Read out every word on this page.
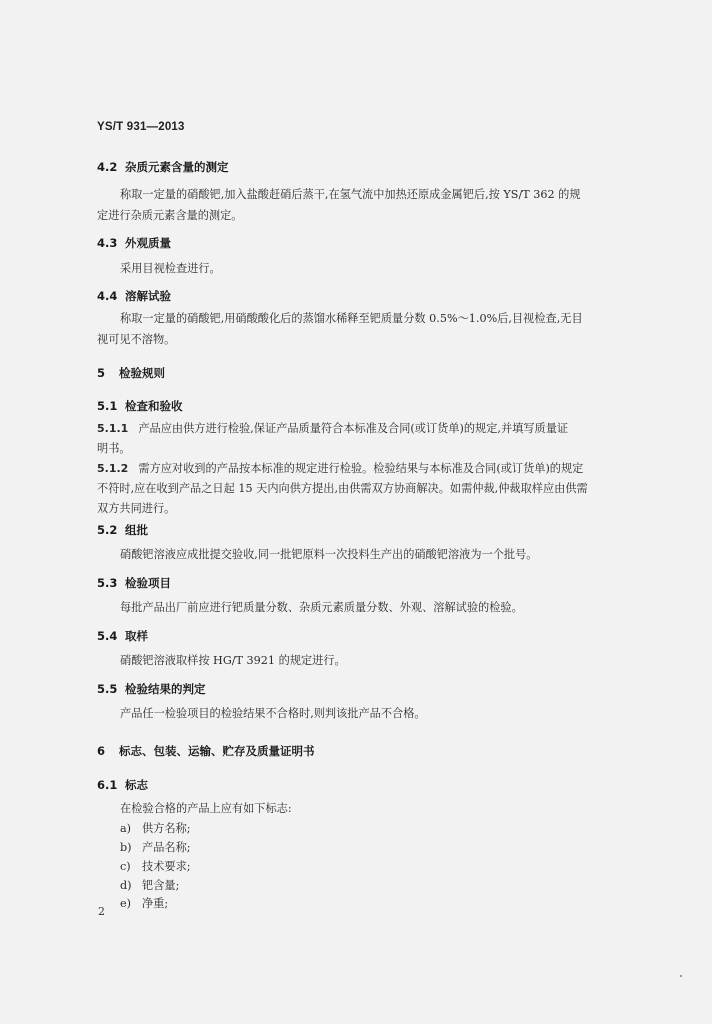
YS/T 931—2013
4.2 杂质元素含量的测定
称取一定量的硝酸钯,加入盐酸赶硝后蒸干,在氢气流中加热还原成金属钯后,按 YS/T 362 的规
定进行杂质元素含量的测定。
4.3 外观质量
采用目视检查进行。
4.4 溶解试验
称取一定量的硝酸钯,用硝酸酸化后的蒸馏水稀释至钯质量分数 0.5%～1.0%后,目视检查,无目
视可见不溶物。
5 检验规则
5.1 检查和验收
5.1.1 产品应由供方进行检验,保证产品质量符合本标准及合同(或订货单)的规定,并填写质量证
明书。
5.1.2 需方应对收到的产品按本标准的规定进行检验。检验结果与本标准及合同(或订货单)的规定
不符时,应在收到产品之日起 15 天内向供方提出,由供需双方协商解决。如需仲裁,仲裁取样应由供需
双方共同进行。
5.2 组批
硝酸钯溶液应成批提交验收,同一批钯原料一次投料生产出的硝酸钯溶液为一个批号。
5.3 检验项目
每批产品出厂前应进行钯质量分数、杂质元素质量分数、外观、溶解试验的检验。
5.4 取样
硝酸钯溶液取样按 HG/T 3921 的规定进行。
5.5 检验结果的判定
产品任一检验项目的检验结果不合格时,则判该批产品不合格。
6 标志、包装、运输、贮存及质量证明书
6.1 标志
在检验合格的产品上应有如下标志:
a) 供方名称;
b) 产品名称;
c) 技术要求;
d) 钯含量;
e) 净重;
2
